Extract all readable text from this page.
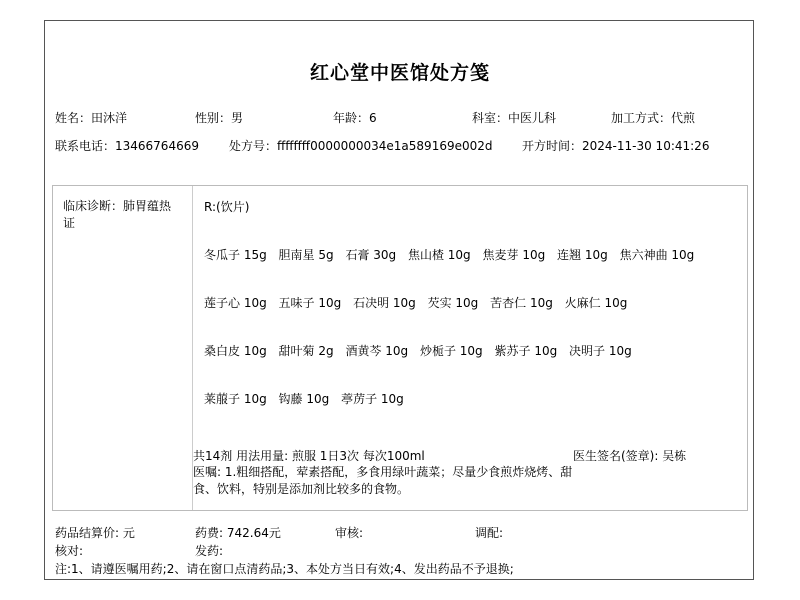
红心堂中医馆处方笺
姓名：田沐洋	性别：男	年龄：6	科室：中医儿科	加工方式：代煎
联系电话：13466764669	处方号：ffffffff0000000034e1a589169e002d 开方时间：2024-11-30 10:41:26
临床诊断：肺胃蕴热证
R:(饮片)
冬瓜子 15g 胆南星 5g 石膏 30g 焦山楂 10g 焦麦芽 10g 连翘 10g 焦六神曲 10g
莲子心 10g 五味子 10g 石决明 10g 芡实 10g 苦杏仁 10g 火麻仁 10g
桑白皮 10g 甜叶菊 2g 酒黄芩 10g 炒栀子 10g 紫苏子 10g 决明子 10g
莱菔子 10g 钩藤 10g 葶苈子 10g
共14剂 用法用量: 煎服 1日3次 每次100ml	医生签名(签章): 吴栋
医嘱: 1.粗细搭配，荤素搭配，多食用绿叶蔬菜；尽量少食煎炸烧烤、甜食、饮料，特别是添加剂比较多的食物。
药品结算价: 元	药费: 742.64元	审核:	调配:
核对:	发药:
注:1、请遵医嘱用药;2、请在窗口点清药品;3、本处方当日有效;4、发出药品不予退换;
